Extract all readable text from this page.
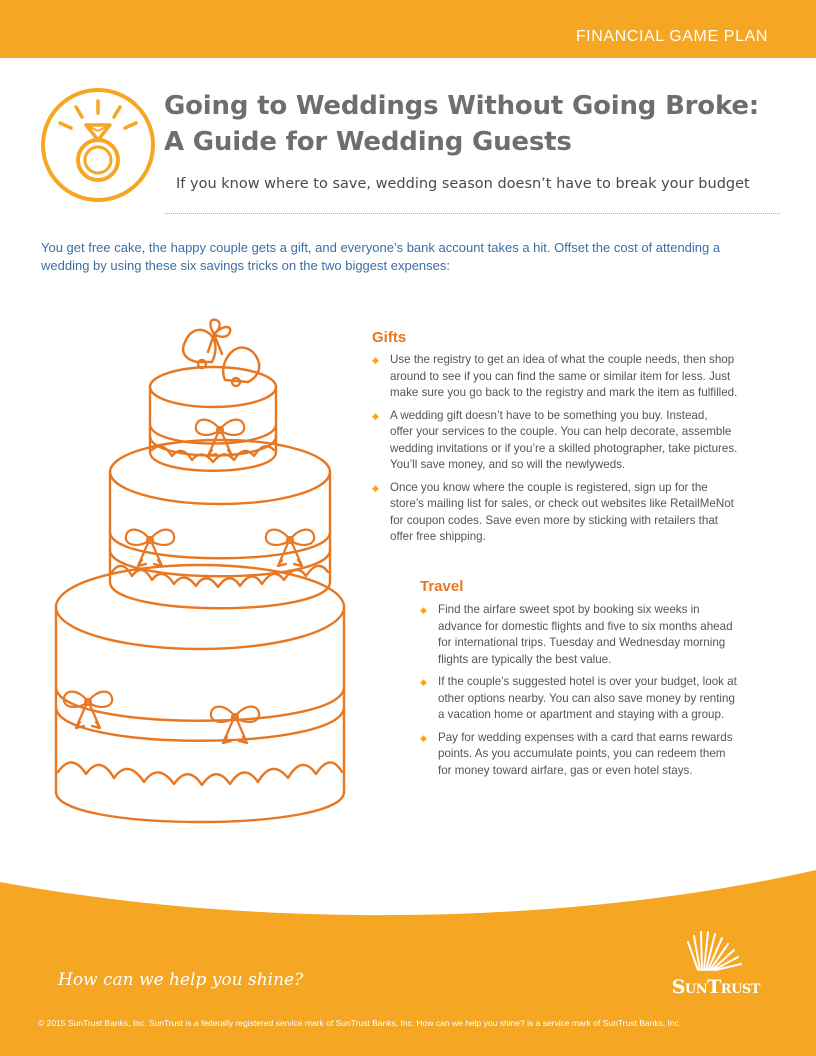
FINANCIAL GAME PLAN
Going to Weddings Without Going Broke:
A Guide for Wedding Guests
If you know where to save, wedding season doesn’t have to break your budget

You get free cake, the happy couple gets a gift, and everyone’s bank account takes a hit. Offset the cost of attending a
wedding by using these six savings tricks on the two biggest expenses:

Gifts
◆ Use the registry to get an idea of what the couple needs, then shop
around to see if you can find the same or similar item for less. Just
make sure you go back to the registry and mark the item as fulfilled.
◆ A wedding gift doesn’t have to be something you buy. Instead,
offer your services to the couple. You can help decorate, assemble
wedding invitations or if you’re a skilled photographer, take pictures.
You’ll save money, and so will the newlyweds.
◆ Once you know where the couple is registered, sign up for the
store’s mailing list for sales, or check out websites like RetailMeNot
for coupon codes. Save even more by sticking with retailers that
offer free shipping.
Travel
◆ Find the airfare sweet spot by booking six weeks in
advance for domestic flights and five to six months ahead
for international trips. Tuesday and Wednesday morning
flights are typically the best value.
◆ If the couple’s suggested hotel is over your budget, look at
other options nearby. You can also save money by renting
a vacation home or apartment and staying with a group.
◆ Pay for wedding expenses with a card that earns rewards
points. As you accumulate points, you can redeem them
for money toward airfare, gas or even hotel stays.
How can we help you shine?	SunTrust
© 2015 SunTrust Banks, Inc. SunTrust is a federally registered service mark of SunTrust Banks, Inc. How can we help you shine? is a service mark of SunTrust Banks, Inc.
